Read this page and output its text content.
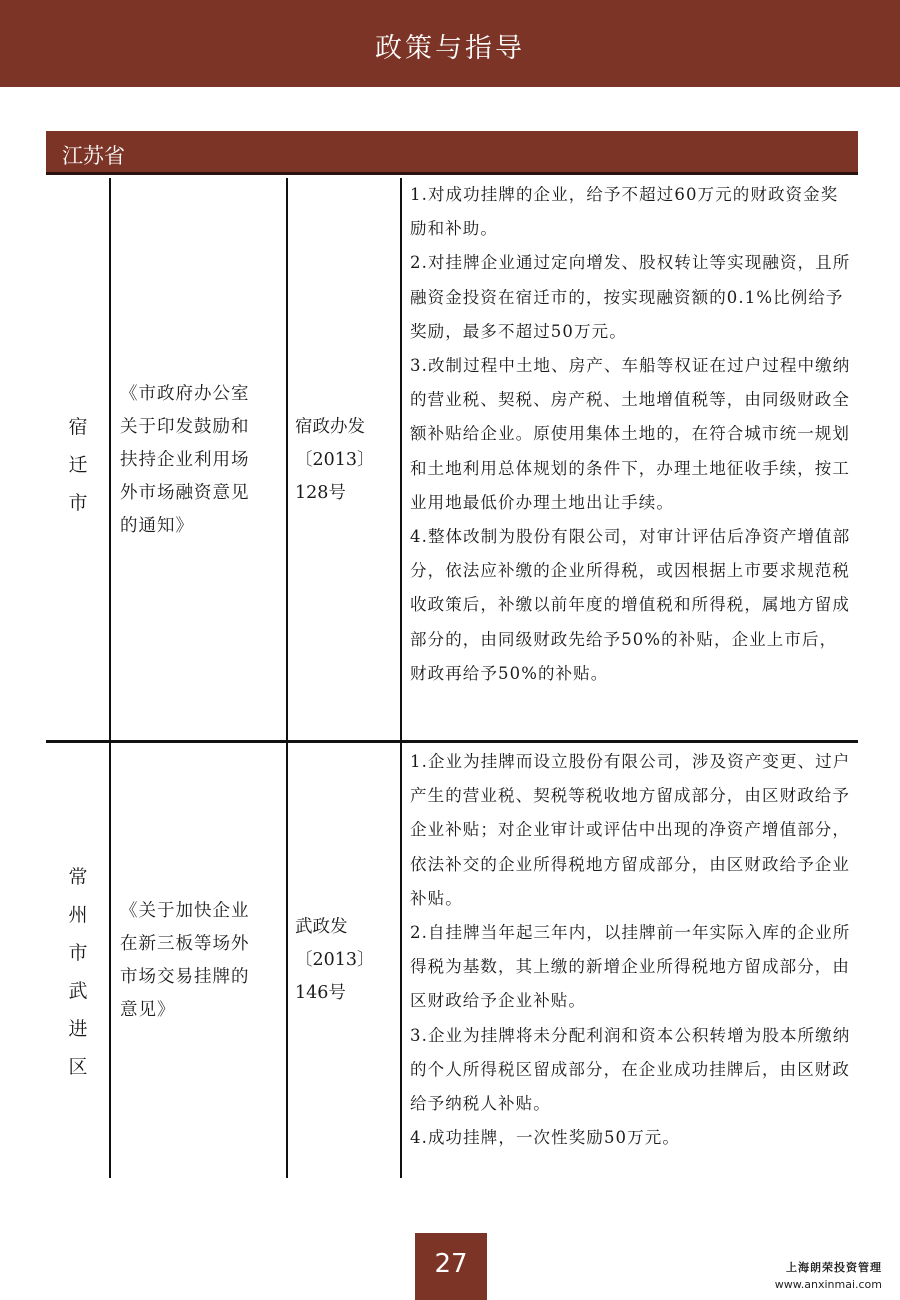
政策与指导
江苏省
宿
迁
市
《市政府办公室
关于印发鼓励和
扶持企业利用场
外市场融资意见
的通知》
宿政办发
〔2013〕
128号

1.对成功挂牌的企业，给予不超过60万元的财政资金奖励和补助。

2.对挂牌企业通过定向增发、股权转让等实现融资，且所融资金投资在宿迁市的，按实现融资额的0.1%比例给予奖励，最多不超过50万元。

3.改制过程中土地、房产、车船等权证在过户过程中缴纳的营业税、契税、房产税、土地增值税等，由同级财政全额补贴给企业。原使用集体土地的，在符合城市统一规划和土地利用总体规划的条件下，办理土地征收手续，按工业用地最低价办理土地出让手续。

4.整体改制为股份有限公司，对审计评估后净资产增值部分，依法应补缴的企业所得税，或因根据上市要求规范税收政策后，补缴以前年度的增值税和所得税，属地方留成部分的，由同级财政先给予50%的补贴，企业上市后，财政再给予50%的补贴。

常
州
市
武
进
区
《关于加快企业
在新三板等场外
市场交易挂牌的
意见》
武政发
〔2013〕
146号

1.企业为挂牌而设立股份有限公司，涉及资产变更、过户产生的营业税、契税等税收地方留成部分，由区财政给予企业补贴；对企业审计或评估中出现的净资产增值部分，依法补交的企业所得税地方留成部分，由区财政给予企业补贴。

2.自挂牌当年起三年内，以挂牌前一年实际入库的企业所得税为基数，其上缴的新增企业所得税地方留成部分，由区财政给予企业补贴。

3.企业为挂牌将未分配利润和资本公积转增为股本所缴纳的个人所得税区留成部分，在企业成功挂牌后，由区财政给予纳税人补贴。

4.成功挂牌，一次性奖励50万元。

27	上海朗荣投资管理
www.anxinmai.com
